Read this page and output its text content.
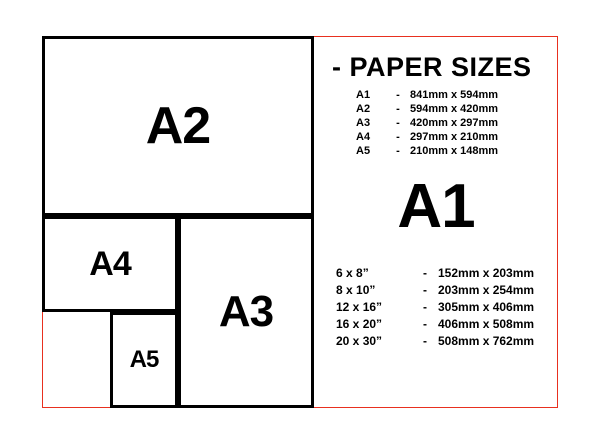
A2
A3
A4
A5
- PAPER SIZES
A1	-	841mm x 594mm
A2	-	594mm x 420mm
A3	-	420mm x 297mm
A4	-	297mm x 210mm
A5	-	210mm x 148mm
A1
6 x 8”	-	152mm x 203mm
8 x 10”	-	203mm x 254mm
12 x 16”	-	305mm x 406mm
16 x 20”	-	406mm x 508mm
20 x 30”	-	508mm x 762mm
